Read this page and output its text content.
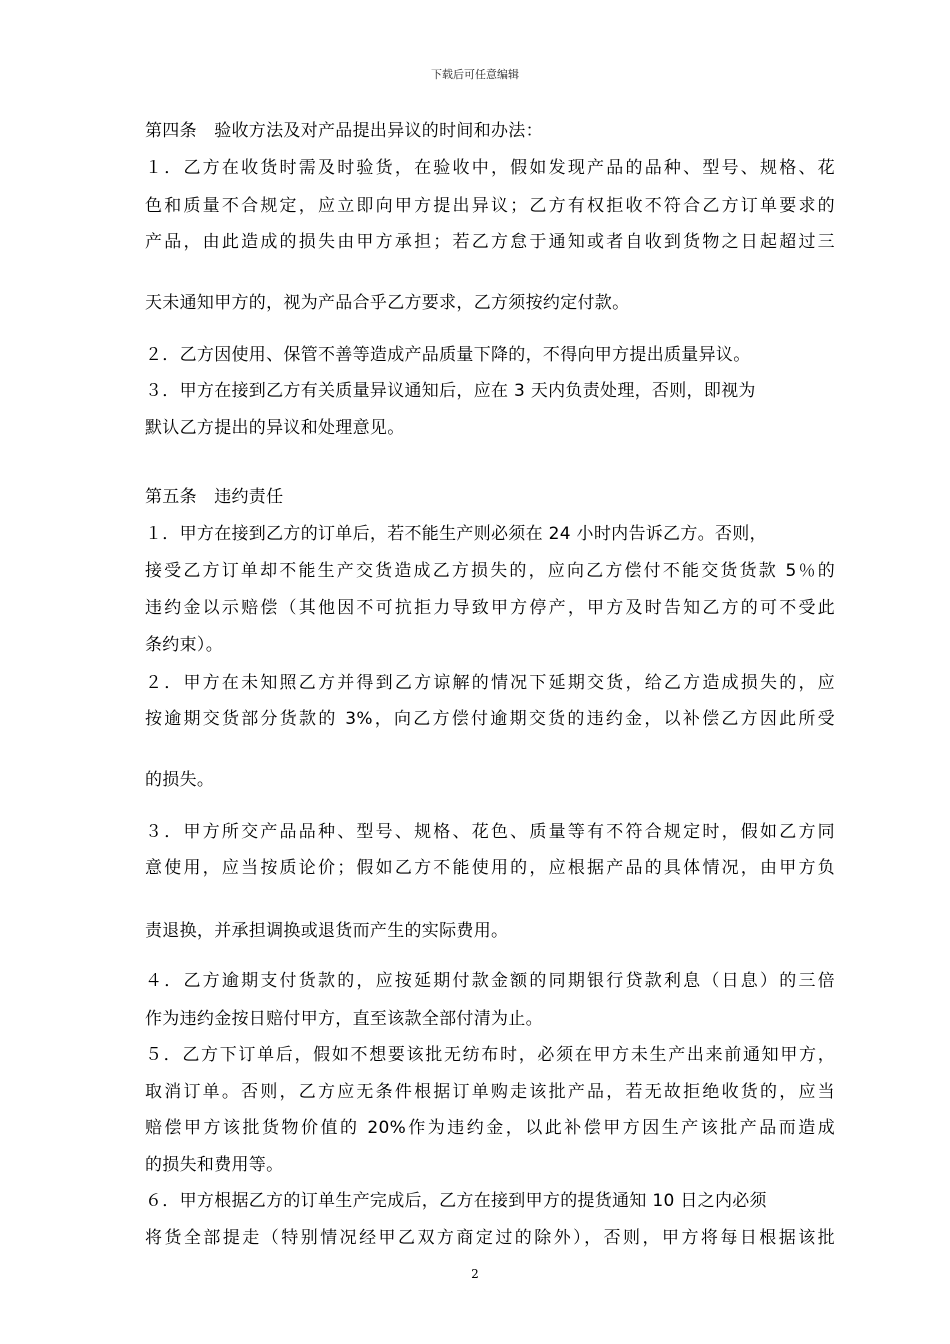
下载后可任意编辑
第四条　验收方法及对产品提出异议的时间和办法：
１．乙方在收货时需及时验货，在验收中，假如发现产品的品种、型号、规格、花
色和质量不合规定，应立即向甲方提出异议；乙方有权拒收不符合乙方订单要求的
产品，由此造成的损失由甲方承担；若乙方怠于通知或者自收到货物之日起超过三
天未通知甲方的，视为产品合乎乙方要求，乙方须按约定付款。
２．乙方因使用、保管不善等造成产品质量下降的，不得向甲方提出质量异议。
３．甲方在接到乙方有关质量异议通知后，应在 3 天内负责处理，否则，即视为
默认乙方提出的异议和处理意见。
第五条　违约责任
１．甲方在接到乙方的订单后，若不能生产则必须在 24 小时内告诉乙方。否则，
接受乙方订单却不能生产交货造成乙方损失的，应向乙方偿付不能交货货款 5％的
违约金以示赔偿（其他因不可抗拒力导致甲方停产，甲方及时告知乙方的可不受此
条约束）。
２．甲方在未知照乙方并得到乙方谅解的情况下延期交货，给乙方造成损失的，应
按逾期交货部分货款的 3%，向乙方偿付逾期交货的违约金，以补偿乙方因此所受
的损失。
３．甲方所交产品品种、型号、规格、花色、质量等有不符合规定时，假如乙方同
意使用，应当按质论价；假如乙方不能使用的，应根据产品的具体情况，由甲方负
责退换，并承担调换或退货而产生的实际费用。
４．乙方逾期支付货款的，应按延期付款金额的同期银行贷款利息（日息）的三倍
作为违约金按日赔付甲方，直至该款全部付清为止。
５．乙方下订单后，假如不想要该批无纺布时，必须在甲方未生产出来前通知甲方，
取消订单。否则，乙方应无条件根据订单购走该批产品，若无故拒绝收货的，应当
赔偿甲方该批货物价值的 20%作为违约金，以此补偿甲方因生产该批产品而造成
的损失和费用等。
６．甲方根据乙方的订单生产完成后，乙方在接到甲方的提货通知 10 日之内必须
将货全部提走（特别情况经甲乙双方商定过的除外），否则，甲方将每日根据该批
2
